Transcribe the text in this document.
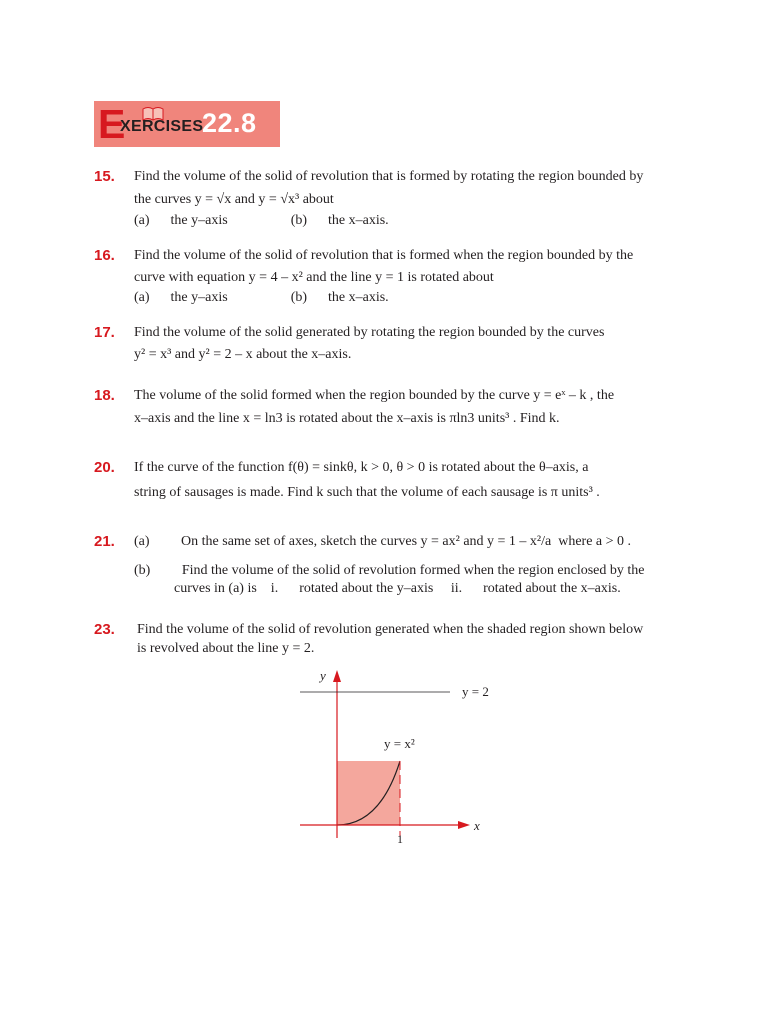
E
XERCISES
22.8
15. Find the volume of the solid of revolution that is formed by rotating the region bounded by
the curves y = √x and y = √x³ about
(a)      the y–axis                  (b)      the x–axis.
16. Find the volume of the solid of revolution that is formed when the region bounded by the
curve with equation y = 4 – x² and the line y = 1 is rotated about
(a)      the y–axis                  (b)      the x–axis.
17. Find the volume of the solid generated by rotating the region bounded by the curves
y² = x³ and y² = 2 – x about the x–axis.
18. The volume of the solid formed when the region bounded by the curve y = eˣ – k , the
x–axis and the line x = ln3 is rotated about the x–axis is πln3 units³ . Find k.
20. If the curve of the function f(θ) = sinkθ, k > 0, θ > 0 is rotated about the θ–axis, a
string of sausages is made. Find k such that the volume of each sausage is π units³ .
21. (a)         On the same set of axes, sketch the curves y = ax² and y = 1 – x²/a  where a > 0 .
(b)         Find the volume of the solid of revolution formed when the region enclosed by the
curves in (a) is    i.      rotated about the y–axis     ii.      rotated about the x–axis.
23. Find the volume of the solid of revolution generated when the shaded region shown below
is revolved about the line y = 2.
y
x
y = 2
y = x²
1
